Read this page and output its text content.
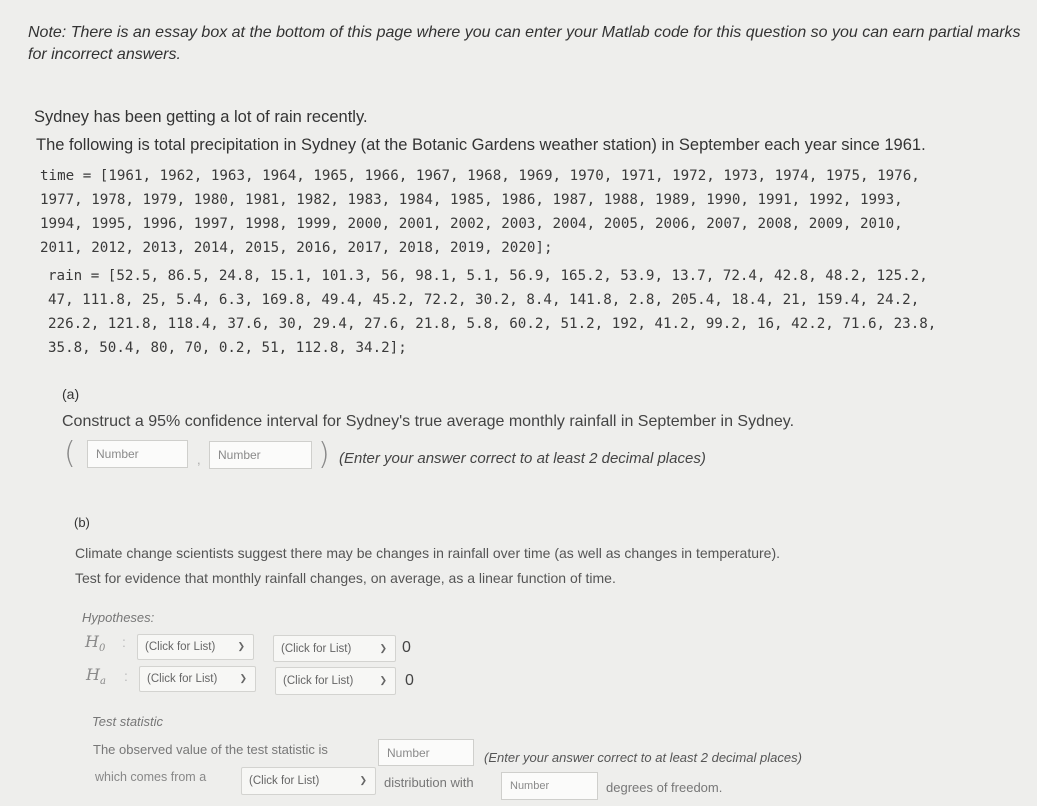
Note: There is an essay box at the bottom of this page where you can enter your Matlab code for this question so you can earn partial marks for incorrect answers.
Sydney has been getting a lot of rain recently.
The following is total precipitation in Sydney (at the Botanic Gardens weather station) in September each year since 1961.
time = [1961, 1962, 1963, 1964, 1965, 1966, 1967, 1968, 1969, 1970, 1971, 1972, 1973, 1974, 1975, 1976,
1977, 1978, 1979, 1980, 1981, 1982, 1983, 1984, 1985, 1986, 1987, 1988, 1989, 1990, 1991, 1992, 1993,
1994, 1995, 1996, 1997, 1998, 1999, 2000, 2001, 2002, 2003, 2004, 2005, 2006, 2007, 2008, 2009, 2010,
2011, 2012, 2013, 2014, 2015, 2016, 2017, 2018, 2019, 2020];
rain = [52.5, 86.5, 24.8, 15.1, 101.3, 56, 98.1, 5.1, 56.9, 165.2, 53.9, 13.7, 72.4, 42.8, 48.2, 125.2,
47, 111.8, 25, 5.4, 6.3, 169.8, 49.4, 45.2, 72.2, 30.2, 8.4, 141.8, 2.8, 205.4, 18.4, 21, 159.4, 24.2,
226.2, 121.8, 118.4, 37.6, 30, 29.4, 27.6, 21.8, 5.8, 60.2, 51.2, 192, 41.2, 99.2, 16, 42.2, 71.6, 23.8,
35.8, 50.4, 80, 70, 0.2, 51, 112.8, 34.2];
(a)
Construct a 95% confidence interval for Sydney's true average monthly rainfall in September in Sydney.
(	Number	,	Number	) (Enter your answer correct to at least 2 decimal places)
(b)
Climate change scientists suggest there may be changes in rainfall over time (as well as changes in temperature).
Test for evidence that monthly rainfall changes, on average, as a linear function of time.
Hypotheses:
$H_0$ : (Click for List) ❯	(Click for List)	❯ 0
$H_a$ : (Click for List) ❯	(Click for List)	❯ 0
Test statistic
The observed value of the test statistic is	Number	(Enter your answer correct to at least 2 decimal places)
which comes from a	(Click for List)	❯ distribution with	Number	degrees of freedom.
